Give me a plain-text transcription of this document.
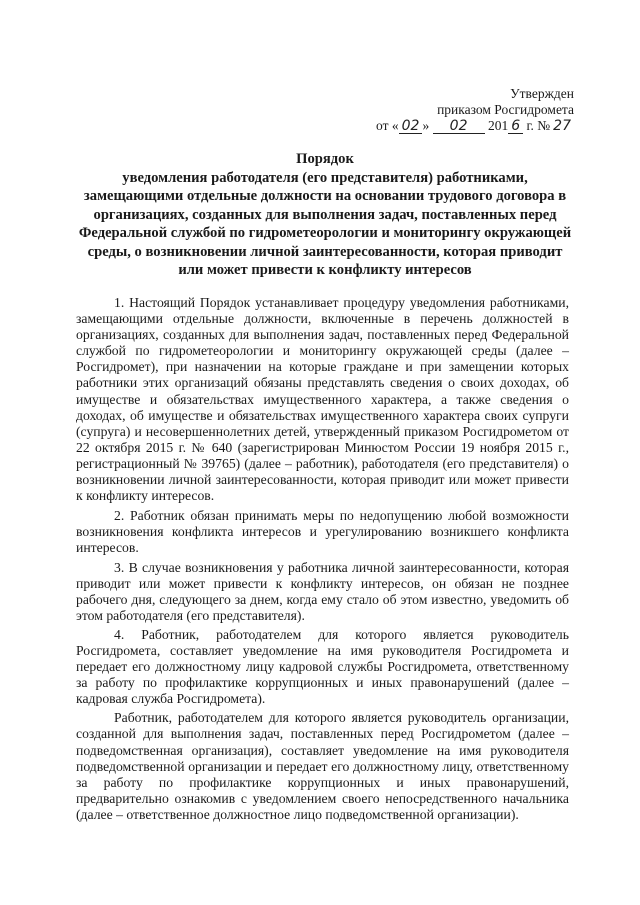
Утвержден
приказом Росгидромета
от « 02 » 02 201 6 г. № 27
Порядок
уведомления работодателя (его представителя) работниками,
замещающими отдельные должности на основании трудового договора в
организациях, созданных для выполнения задач, поставленных перед
Федеральной службой по гидрометеорологии и мониторингу окружающей
среды, о возникновении личной заинтересованности, которая приводит
или может привести к конфликту интересов

1. Настоящий Порядок устанавливает процедуру уведомления работниками, замещающими отдельные должности, включенные в перечень должностей в организациях, созданных для выполнения задач, поставленных перед Федеральной службой по гидрометеорологии и мониторингу окружающей среды (далее – Росгидромет), при назначении на которые граждане и при замещении которых работники этих организаций обязаны представлять сведения о своих доходах, об имуществе и обязательствах имущественного характера, а также сведения о доходах, об имуществе и обязательствах имущественного характера своих супруги (супруга) и несовершеннолетних детей, утвержденный приказом Росгидрометом от 22 октября 2015 г. № 640 (зарегистрирован Минюстом России 19 ноября 2015 г., регистрационный № 39765) (далее – работник), работодателя (его представителя) о возникновении личной заинтересованности, которая приводит или может привести к конфликту интересов.

2. Работник обязан принимать меры по недопущению любой возможности возникновения конфликта интересов и урегулированию возникшего конфликта интересов.

3. В случае возникновения у работника личной заинтересованности, которая приводит или может привести к конфликту интересов, он обязан не позднее рабочего дня, следующего за днем, когда ему стало об этом известно, уведомить об этом работодателя (его представителя).

4. Работник, работодателем для которого является руководитель Росгидромета, составляет уведомление на имя руководителя Росгидромета и передает его должностному лицу кадровой службы Росгидромета, ответственному за работу по профилактике коррупционных и иных правонарушений (далее – кадровая служба Росгидромета).

Работник, работодателем для которого является руководитель организации, созданной для выполнения задач, поставленных перед Росгидрометом (далее – подведомственная организация), составляет уведомление на имя руководителя подведомственной организации и передает его должностному лицу, ответственному за работу по профилактике коррупционных и иных правонарушений, предварительно ознакомив с уведомлением своего непосредственного начальника (далее – ответственное должностное лицо подведомственной организации).
